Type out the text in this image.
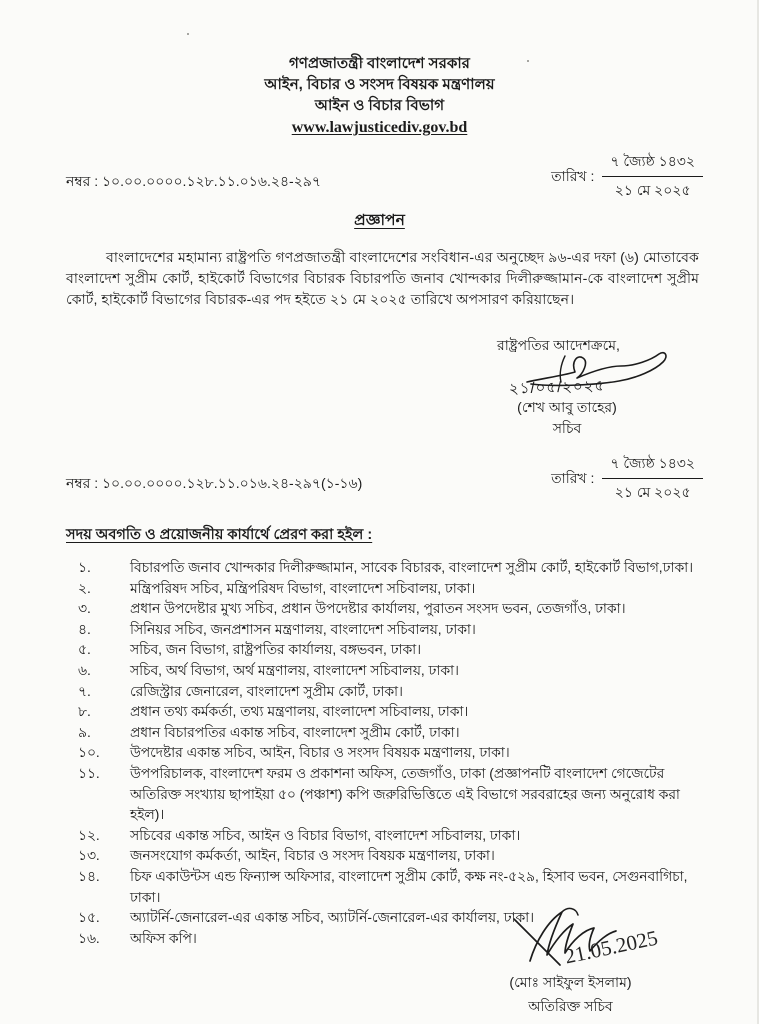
গণপ্রজাতন্ত্রী বাংলাদেশ সরকার
আইন, বিচার ও সংসদ বিষয়ক মন্ত্রণালয়
আইন ও বিচার বিভাগ
www.lawjusticediv.gov.bd
নম্বর : ১০.০০.০০০০.১২৮.১১.০১৬.২৪-২৯৭	তারিখ : $\frac{\text{৭ জ্যৈষ্ঠ ১৪৩২}}{\text{২১ মে ২০২৫}}$
প্রজ্ঞাপন

বাংলাদেশের মহামান্য রাষ্ট্রপতি গণপ্রজাতন্ত্রী বাংলাদেশের সংবিধান-এর অনুচ্ছেদ ৯৬-এর দফা (৬) মোতাবেক বাংলাদেশ সুপ্রীম কোর্ট, হাইকোর্ট বিভাগের বিচারক বিচারপতি জনাব খোন্দকার দিলীরুজ্জামান-কে বাংলাদেশ সুপ্রীম কোর্ট, হাইকোর্ট বিভাগের বিচারক-এর পদ হইতে ২১ মে ২০২৫ তারিখে অপসারণ করিয়াছেন।

রাষ্ট্রপতির আদেশক্রমে,
২১/০৫/২০২৫
(শেখ আবু তাহের)
সচিব
নম্বর : ১০.০০.০০০০.১২৮.১১.০১৬.২৪-২৯৭(১-১৬)	তারিখ : $\frac{\text{৭ জ্যৈষ্ঠ ১৪৩২}}{\text{২১ মে ২০২৫}}$
সদয় অবগতি ও প্রয়োজনীয় কার্যার্থে প্রেরণ করা হইল :
১.	বিচারপতি জনাব খোন্দকার দিলীরুজ্জামান, সাবেক বিচারক, বাংলাদেশ সুপ্রীম কোর্ট, হাইকোর্ট বিভাগ,ঢাকা।
২.	মন্ত্রিপরিষদ সচিব, মন্ত্রিপরিষদ বিভাগ, বাংলাদেশ সচিবালয়, ঢাকা।
৩.	প্রধান উপদেষ্টার মুখ্য সচিব, প্রধান উপদেষ্টার কার্যালয়, পুরাতন সংসদ ভবন, তেজগাঁও, ঢাকা।
৪.	সিনিয়র সচিব, জনপ্রশাসন মন্ত্রণালয়, বাংলাদেশ সচিবালয়, ঢাকা।
৫.	সচিব, জন বিভাগ, রাষ্ট্রপতির কার্যালয়, বঙ্গভবন, ঢাকা।
৬.	সচিব, অর্থ বিভাগ, অর্থ মন্ত্রণালয়, বাংলাদেশ সচিবালয়, ঢাকা।
৭.	রেজিস্ট্রার জেনারেল, বাংলাদেশ সুপ্রীম কোর্ট, ঢাকা।
৮.	প্রধান তথ্য কর্মকর্তা, তথ্য মন্ত্রণালয়, বাংলাদেশ সচিবালয়, ঢাকা।
৯.	প্রধান বিচারপতির একান্ত সচিব, বাংলাদেশ সুপ্রীম কোর্ট, ঢাকা।
১০.	উপদেষ্টার একান্ত সচিব, আইন, বিচার ও সংসদ বিষয়ক মন্ত্রণালয়, ঢাকা।
১১.	উপপরিচালক, বাংলাদেশ ফরম ও প্রকাশনা অফিস, তেজগাঁও, ঢাকা (প্রজ্ঞাপনটি বাংলাদেশ গেজেটের অতিরিক্ত সংখ্যায় ছাপাইয়া ৫০ (পঞ্চাশ) কপি জরুরিভিত্তিতে এই বিভাগে সরবরাহের জন্য অনুরোধ করা হইল)।
১২.	সচিবের একান্ত সচিব, আইন ও বিচার বিভাগ, বাংলাদেশ সচিবালয়, ঢাকা।
১৩.	জনসংযোগ কর্মকর্তা, আইন, বিচার ও সংসদ বিষয়ক মন্ত্রণালয়, ঢাকা।
১৪.	চিফ একাউন্টস এন্ড ফিন্যান্স অফিসার, বাংলাদেশ সুপ্রীম কোর্ট, কক্ষ নং-৫২৯, হিসাব ভবন, সেগুনবাগিচা, ঢাকা।
১৫.	অ্যাটর্নি-জেনারেল-এর একান্ত সচিব, অ্যাটর্নি-জেনারেল-এর কার্যালয়, ঢাকা।
১৬.	অফিস কপি।	21.05.2025
(মোঃ সাইফুল ইসলাম)
অতিরিক্ত সচিব
